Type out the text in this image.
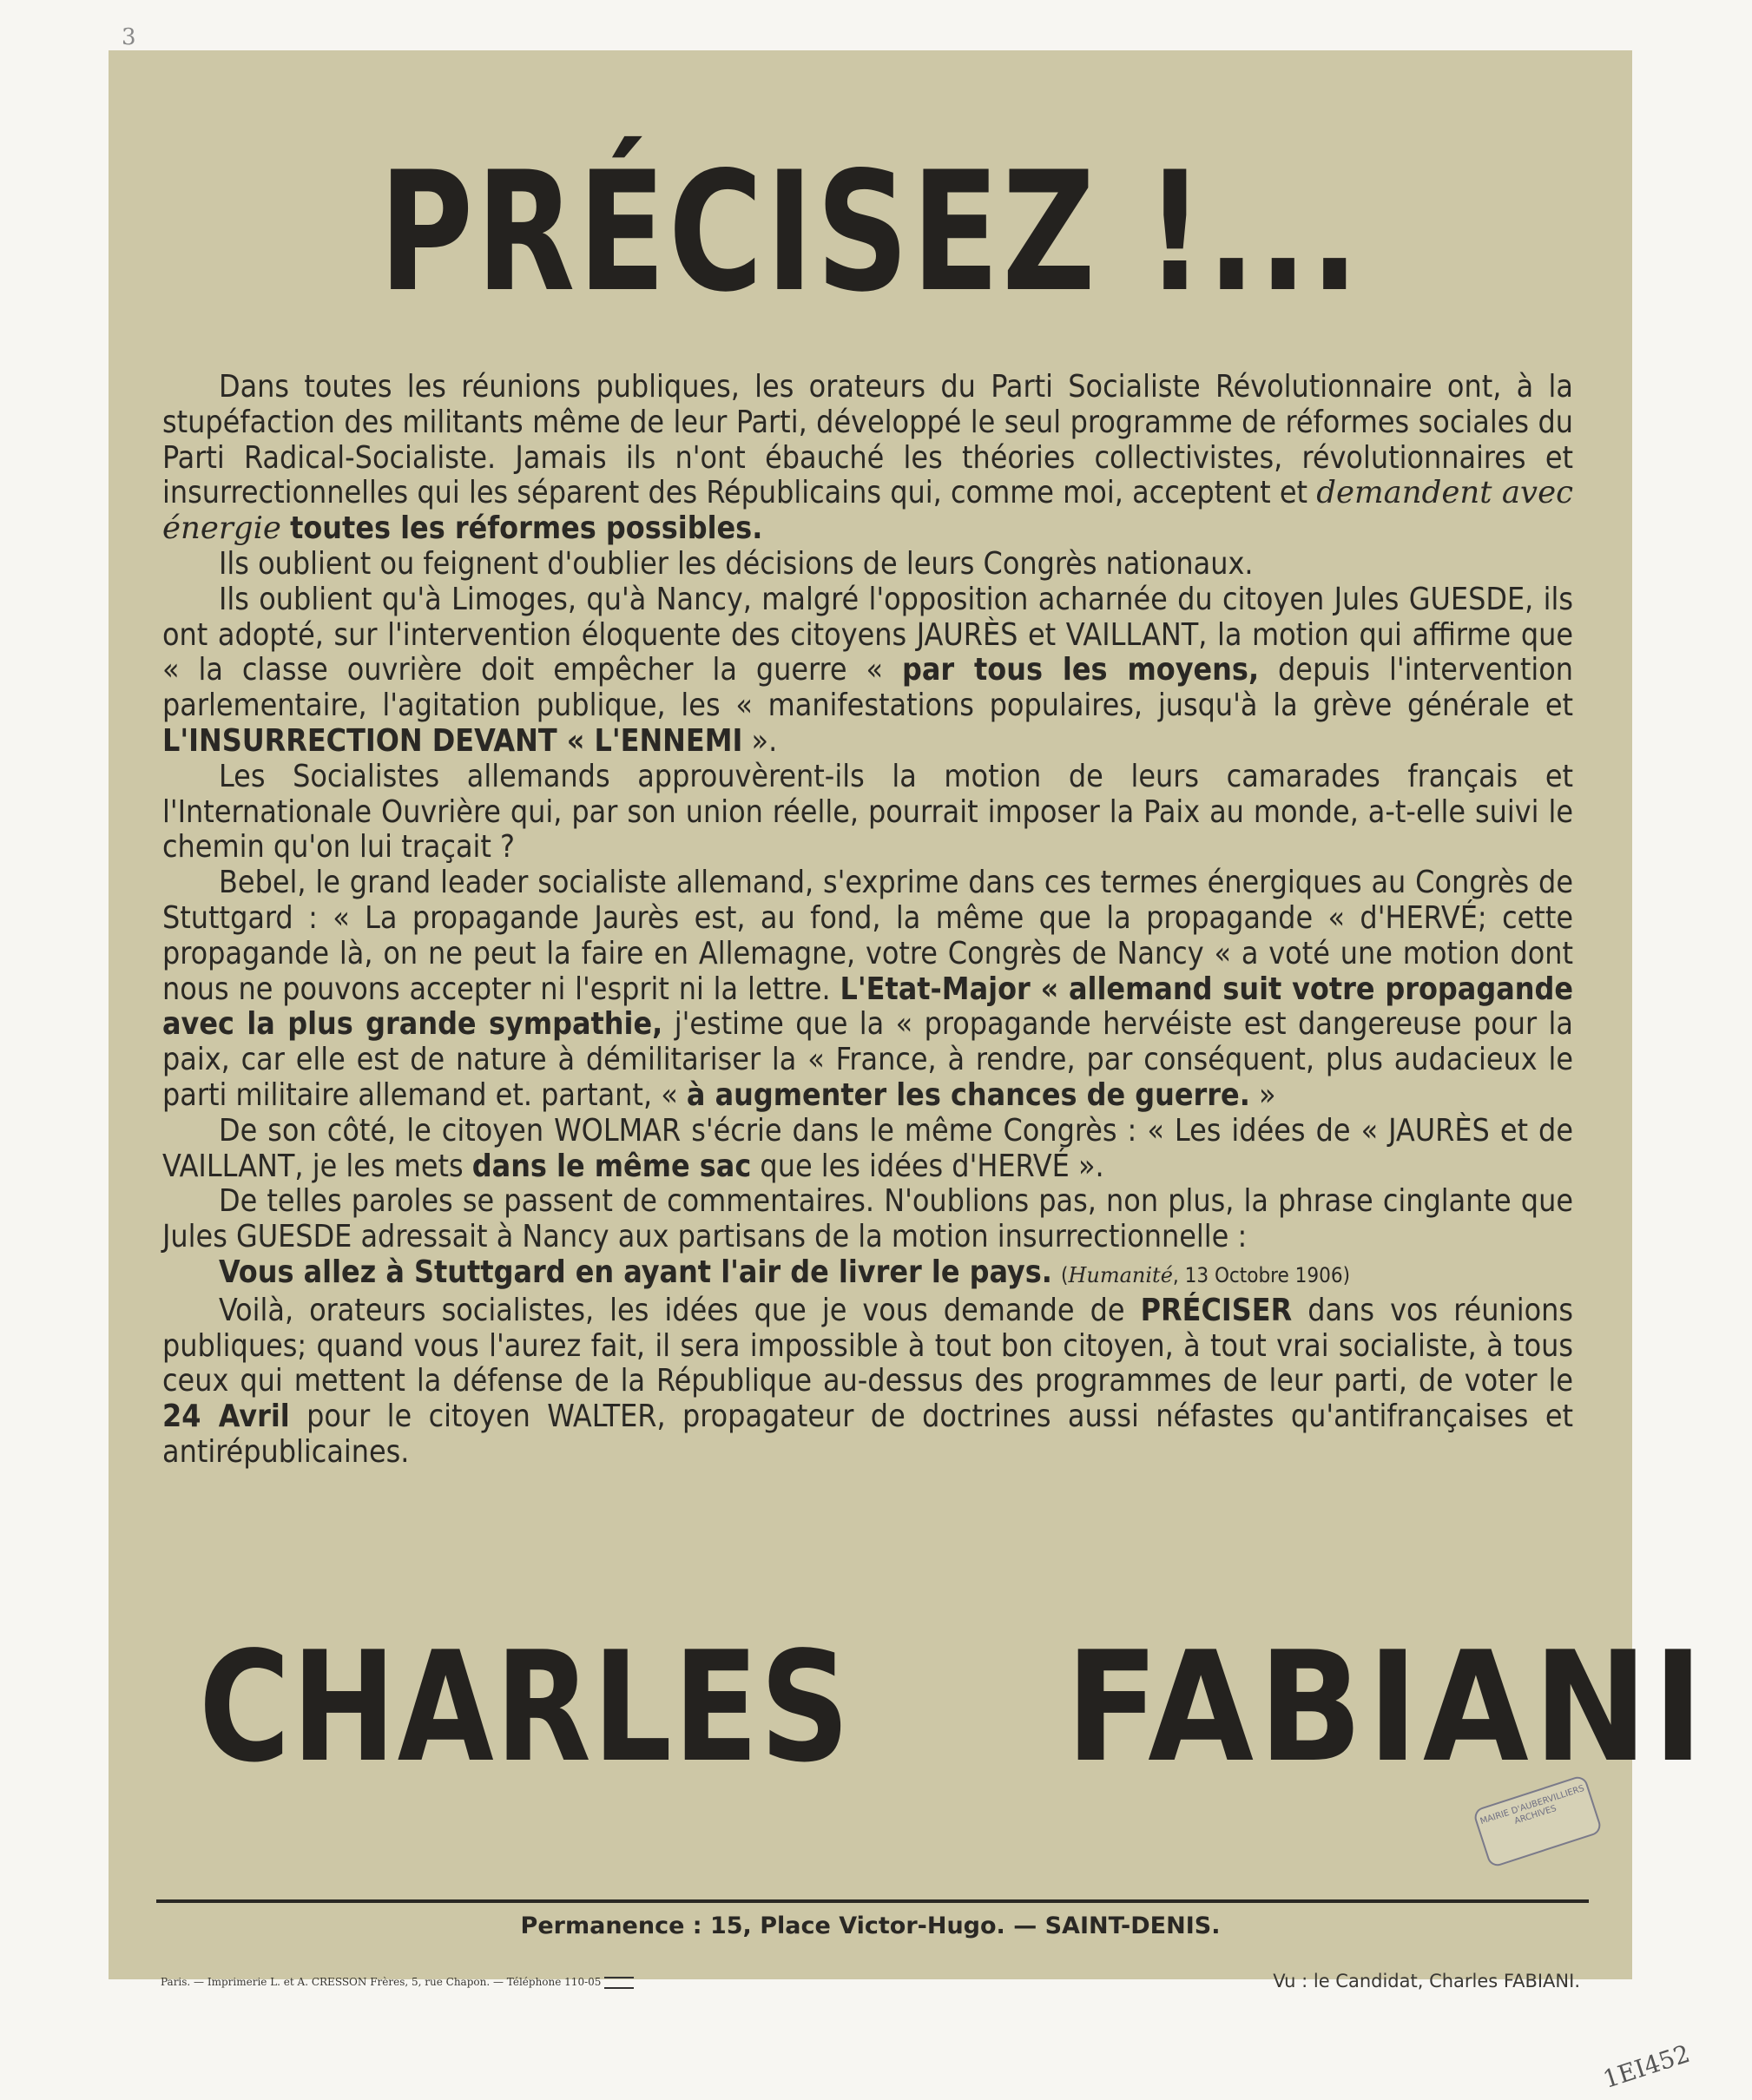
3
1EI452
PRÉCISEZ !...

Dans toutes les réunions publiques, les orateurs du Parti Socialiste Révolutionnaire ont, à la stupéfaction des militants même de leur Parti, développé le seul programme de réformes sociales du Parti Radical-Socialiste. Jamais ils n'ont ébauché les théories collectivistes, révolutionnaires et insurrectionnelles qui les séparent des Républicains qui, comme moi, acceptent et demandent avec énergie toutes les réformes possibles.

Ils oublient ou feignent d'oublier les décisions de leurs Congrès nationaux.

Ils oublient qu'à Limoges, qu'à Nancy, malgré l'opposition acharnée du citoyen Jules GUESDE, ils ont adopté, sur l'intervention éloquente des citoyens JAURÈS et VAILLANT, la motion qui affirme que « la classe ouvrière doit empêcher la guerre « par tous les moyens, depuis l'intervention parlementaire, l'agitation publique, les « manifestations populaires, jusqu'à la grève générale et L'INSURRECTION DEVANT « L'ENNEMI ».

Les Socialistes allemands approuvèrent-ils la motion de leurs camarades français et l'Internationale Ouvrière qui, par son union réelle, pourrait imposer la Paix au monde, a-t-elle suivi le chemin qu'on lui traçait ?

Bebel, le grand leader socialiste allemand, s'exprime dans ces termes énergiques au Congrès de Stuttgard : « La propagande Jaurès est, au fond, la même que la propagande « d'HERVÉ; cette propagande là, on ne peut la faire en Allemagne, votre Congrès de Nancy « a voté une motion dont nous ne pouvons accepter ni l'esprit ni la lettre. L'Etat-Major « allemand suit votre propagande avec la plus grande sympathie, j'estime que la « propagande hervéiste est dangereuse pour la paix, car elle est de nature à démilitariser la « France, à rendre, par conséquent, plus audacieux le parti militaire allemand et. partant, « à augmenter les chances de guerre. »

De son côté, le citoyen WOLMAR s'écrie dans le même Congrès : « Les idées de « JAURÈS et de VAILLANT, je les mets dans le même sac que les idées d'HERVÉ ».

De telles paroles se passent de commentaires. N'oublions pas, non plus, la phrase cinglante que Jules GUESDE adressait à Nancy aux partisans de la motion insurrectionnelle :

Vous allez à Stuttgard en ayant l'air de livrer le pays. (Humanité, 13 Octobre 1906)

Voilà, orateurs socialistes, les idées que je vous demande de PRÉCISER dans vos réunions publiques; quand vous l'aurez fait, il sera impossible à tout bon citoyen, à tout vrai socialiste, à tous ceux qui mettent la défense de la République au-dessus des programmes de leur parti, de voter le 24 Avril pour le citoyen WALTER, propagateur de doctrines aussi néfastes qu'antifrançaises et antirépublicaines.

CHARLES FABIANI
MAIRIE D'AUBERVILLIERS ARCHIVES
Permanence : 15, Place Victor-Hugo. — SAINT-DENIS.
Paris. — Imprimerie L. et A. CRESSON Frères, 5, rue Chapon. — Téléphone 110-05	Vu : le Candidat, Charles FABIANI.
